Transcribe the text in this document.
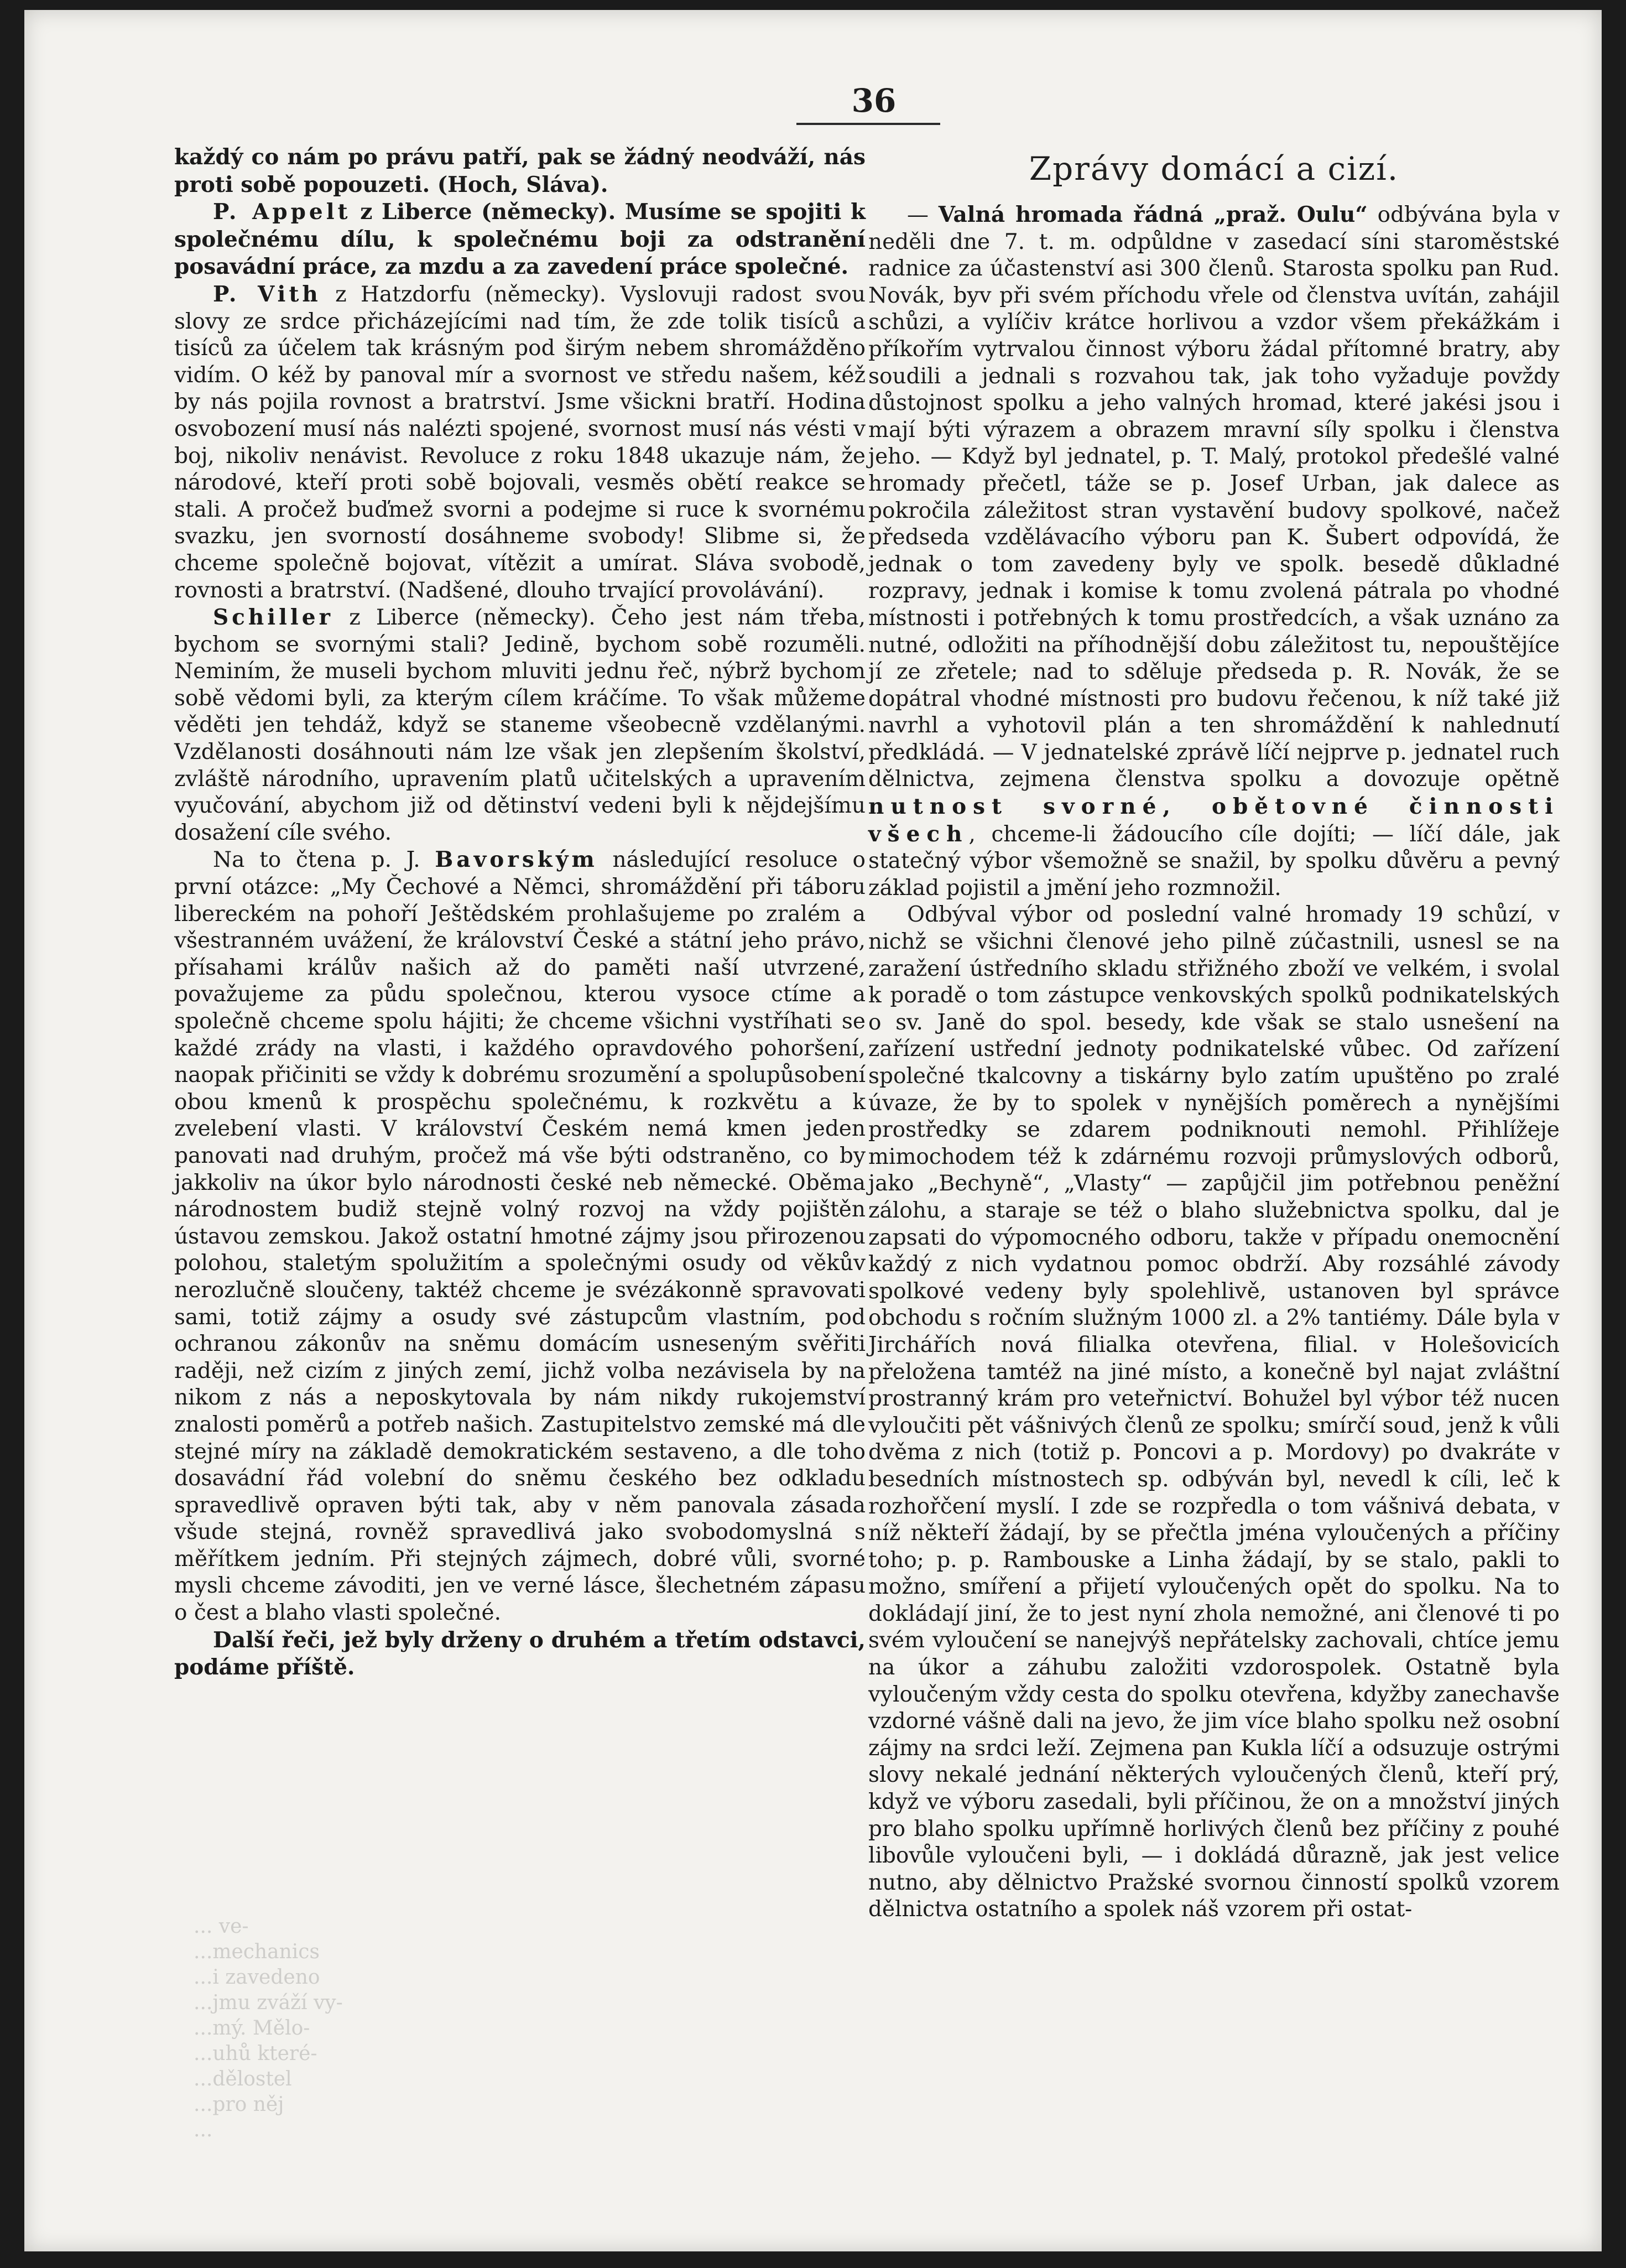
36

... ve-

...mechanics

...i zavedeno

...jmu zváží vy-

...mý. Mělo-

...uhů které-

...dělostel

...pro něj

...

každý co nám po právu patří, pak se žádný neodváží, nás proti sobě popouzeti. (Hoch, Sláva).

P. Appelt z Liberce (německy). Musíme se spojiti k společnému dílu, k společnému boji za odstranění posavádní práce, za mzdu a za zavedení práce společné.

P. Vith z Hatzdorfu (německy). Vyslovuji radost svou slovy ze srdce přicházejícími nad tím, že zde tolik tisíců a tisíců za účelem tak krásným pod širým nebem shromážděno vidím. O kéž by panoval mír a svornost ve středu našem, kéž by nás pojila rovnost a bratrství. Jsme všickni bratří. Hodina osvobození musí nás nalézti spojené, svornost musí nás vésti v boj, nikoliv nenávist. Revoluce z roku 1848 ukazuje nám, že národové, kteří proti sobě bojovali, vesměs obětí reakce se stali. A pročež buďmež svorni a podejme si ruce k svornému svazku, jen svorností dosáhneme svobody! Slibme si, že chceme společně bojovat, vítězit a umírat. Sláva svobodě, rovnosti a bratrství. (Nadšené, dlouho trvající provolávání).

Schiller z Liberce (německy). Čeho jest nám třeba, bychom se svornými stali? Jedině, bychom sobě rozuměli. Neminím, že museli bychom mluviti jednu řeč, nýbrž bychom sobě vědomi byli, za kterým cílem kráčíme. To však můžeme věděti jen tehdáž, když se staneme všeobecně vzdělanými. Vzdělanosti dosáhnouti nám lze však jen zlepšením školství, zvláště národního, upravením platů učitelských a upravením vyučování, abychom již od dětinství vedeni byli k nějdejšímu dosažení cíle svého.

Na to čtena p. J. Bavorským následující resoluce o první otázce: „My Čechové a Němci, shromáždění při táboru libereckém na pohoří Ještědském prohlašujeme po zralém a všestranném uvážení, že království České a státní jeho právo, přísahami králův našich až do paměti naší utvrzené, považujeme za půdu společnou, kterou vysoce ctíme a společně chceme spolu hájiti; že chceme všichni vystříhati se každé zrády na vlasti, i každého opravdového pohoršení, naopak přičiniti se vždy k dobrému srozumění a spolupůsobení obou kmenů k prospěchu společnému, k rozkvětu a k zvelebení vlasti. V království Českém nemá kmen jeden panovati nad druhým, pročež má vše býti odstraněno, co by jakkoliv na úkor bylo národnosti české neb německé. Oběma národnostem budiž stejně volný rozvoj na vždy pojištěn ústavou zemskou. Jakož ostatní hmotné zájmy jsou přirozenou polohou, staletým spolužitím a společnými osudy od věkův nerozlučně sloučeny, taktéž chceme je svézákonně spravovati sami, totiž zájmy a osudy své zástupcům vlastním, pod ochranou zákonův na sněmu domácím usneseným svěřiti raději, než cizím z jiných zemí, jichž volba nezávisela by na nikom z nás a neposkytovala by nám nikdy rukojemství znalosti poměrů a potřeb našich. Zastupitelstvo zemské má dle stejné míry na základě demokratickém sestaveno, a dle toho dosavádní řád volební do sněmu českého bez odkladu spravedlivě opraven býti tak, aby v něm panovala zásada všude stejná, rovněž spravedlivá jako svobodomyslná s měřítkem jedním. Při stejných zájmech, dobré vůli, svorné mysli chceme závoditi, jen ve verné lásce, šlechetném zápasu o čest a blaho vlasti společné.

Další řeči, jež byly drženy o druhém a třetím odstavci, podáme příště.

Zprávy domácí a cizí.

— Valná hromada řádná „praž. Oulu“ odbývána byla v neděli dne 7. t. m. odpůldne v zasedací síni staroměstské radnice za účastenství asi 300 členů. Starosta spolku pan Rud. Novák, byv při svém příchodu vřele od členstva uvítán, zahájil schůzi, a vylíčiv krátce horlivou a vzdor všem překážkám i příkořím vytrvalou činnost výboru žádal přítomné bratry, aby soudili a jednali s rozvahou tak, jak toho vyžaduje povždy důstojnost spolku a jeho valných hromad, které jakési jsou i mají býti výrazem a obrazem mravní síly spolku i členstva jeho. — Když byl jednatel, p. T. Malý, protokol předešlé valné hromady přečetl, táže se p. Josef Urban, jak dalece as pokročila záležitost stran vystavění budovy spolkové, načež předseda vzdělávacího výboru pan K. Šubert odpovídá, že jednak o tom zavedeny byly ve spolk. besedě důkladné rozpravy, jednak i komise k tomu zvolená pátrala po vhodné místnosti i potřebných k tomu prostředcích, a však uznáno za nutné, odložiti na příhodnější dobu záležitost tu, nepouštějíce jí ze zřetele; nad to sděluje předseda p. R. Novák, že se dopátral vhodné místnosti pro budovu řečenou, k níž také již navrhl a vyhotovil plán a ten shromáždění k nahlednutí předkládá. — V jednatelské zprávě líčí nejprve p. jednatel ruch dělnictva, zejmena členstva spolku a dovozuje opětně nutnost svorné, obětovné činnosti všech, chceme-li žádoucího cíle dojíti; — líčí dále, jak statečný výbor všemožně se snažil, by spolku důvěru a pevný základ pojistil a jmění jeho rozmnožil.

Odbýval výbor od poslední valné hromady 19 schůzí, v nichž se všichni členové jeho pilně zúčastnili, usnesl se na zaražení ústředního skladu střižného zboží ve velkém, i svolal k poradě o tom zástupce venkovských spolků podnikatelských o sv. Janě do spol. besedy, kde však se stalo usnešení na zařízení ustřední jednoty podnikatelské vůbec. Od zařízení společné tkalcovny a tiskárny bylo zatím upuštěno po zralé úvaze, že by to spolek v nynějších poměrech a nynějšími prostředky se zdarem podniknouti nemohl. Přihlížeje mimochodem též k zdárnému rozvoji průmyslových odborů, jako „Bechyně“, „Vlasty“ — zapůjčil jim potřebnou peněžní zálohu, a staraje se též o blaho služebnictva spolku, dal je zapsati do výpomocného odboru, takže v případu onemocnění každý z nich vydatnou pomoc obdrží. Aby rozsáhlé závody spolkové vedeny byly spolehlivě, ustanoven byl správce obchodu s ročním služným 1000 zl. a 2% tantiémy. Dále byla v Jirchářích nová filialka otevřena, filial. v Holešovicích přeložena tamtéž na jiné místo, a konečně byl najat zvláštní prostranný krám pro veteřnictví. Bohužel byl výbor též nucen vyloučiti pět vášnivých členů ze spolku; smírčí soud, jenž k vůli dvěma z nich (totiž p. Poncovi a p. Mordovy) po dvakráte v besedních místnostech sp. odbýván byl, nevedl k cíli, leč k rozhořčení myslí. I zde se rozpředla o tom vášnivá debata, v níž někteří žádají, by se přečtla jména vyloučených a příčiny toho; p. p. Rambouske a Linha žádají, by se stalo, pakli to možno, smíření a přijetí vyloučených opět do spolku. Na to dokládají jiní, že to jest nyní zhola nemožné, ani členové ti po svém vyloučení se nanejvýš nepřátelsky zachovali, chtíce jemu na úkor a záhubu založiti vzdorospolek. Ostatně byla vyloučeným vždy cesta do spolku otevřena, kdyžby zanechavše vzdorné vášně dali na jevo, že jim více blaho spolku než osobní zájmy na srdci leží. Zejmena pan Kukla líčí a odsuzuje ostrými slovy nekalé jednání některých vyloučených členů, kteří prý, když ve výboru zasedali, byli příčinou, že on a množství jiných pro blaho spolku upřímně horlivých členů bez příčiny z pouhé libovůle vyloučeni byli, — i dokládá důrazně, jak jest velice nutno, aby dělnictvo Pražské svornou činností spolků vzorem dělnictva ostatního a spolek náš vzorem při ostat-
